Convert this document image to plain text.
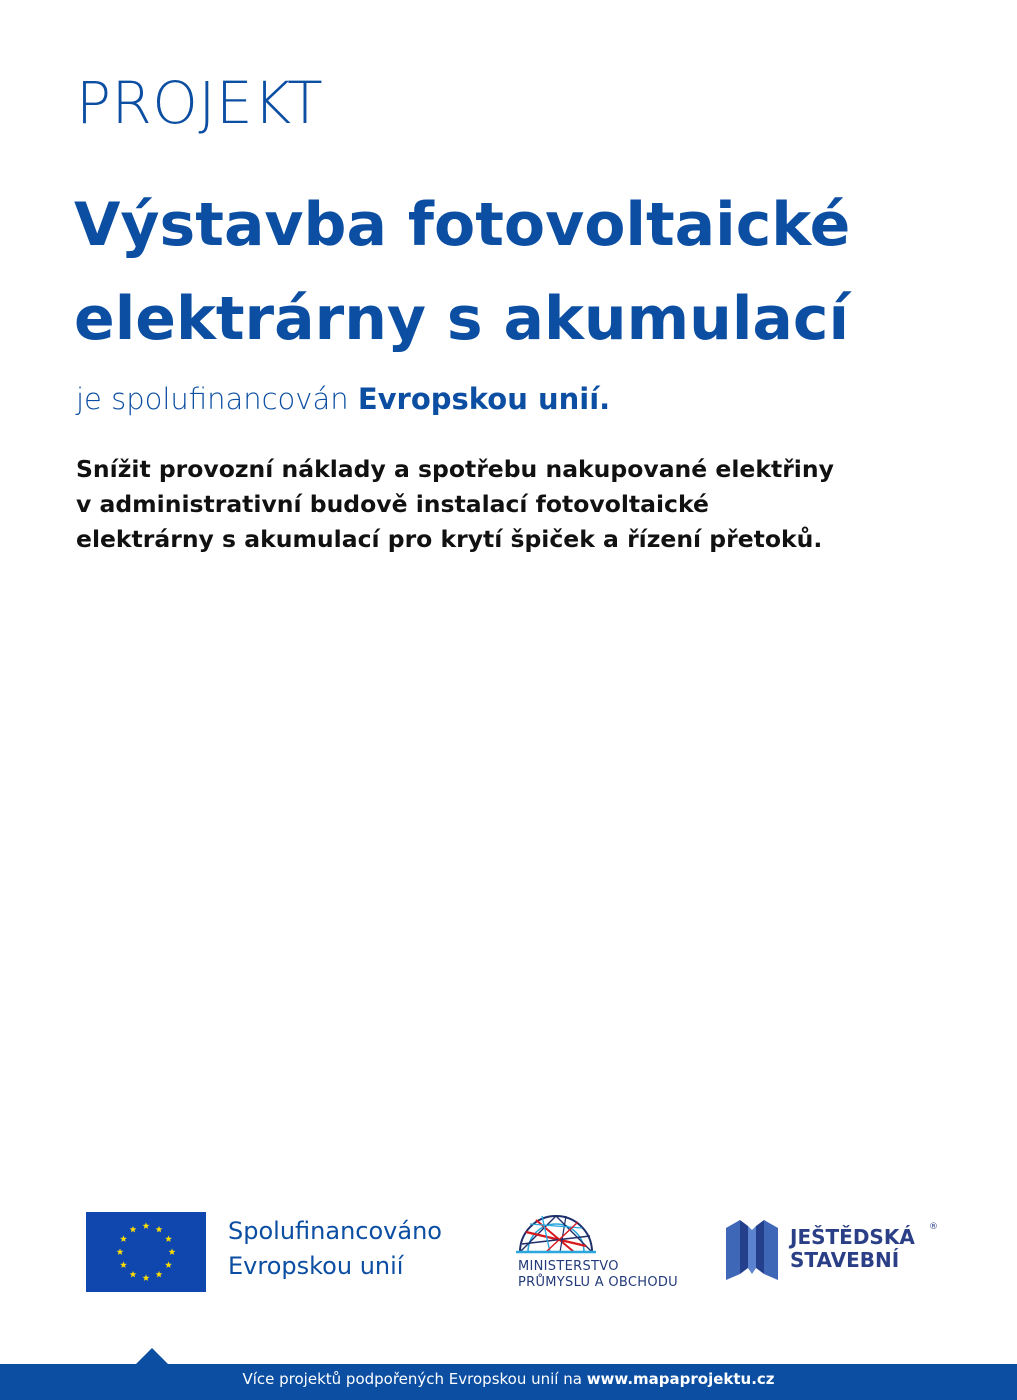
PROJEKT
Výstavba fotovoltaické
elektrárny s akumulací
je spolufinancován Evropskou unií.
Snížit provozní náklady a spotřebu nakupované elektřiny
v administrativní budově instalací fotovoltaické
elektrárny s akumulací pro krytí špiček a řízení přetoků.
Spolufinancováno
Evropskou unií	MINISTERSTVO
PRŮMYSLU A OBCHODU
JEŠTĚDSKÁ
STAVEBNÍ
®
Více projektů podpořených Evropskou unií na www.mapaprojektu.cz
